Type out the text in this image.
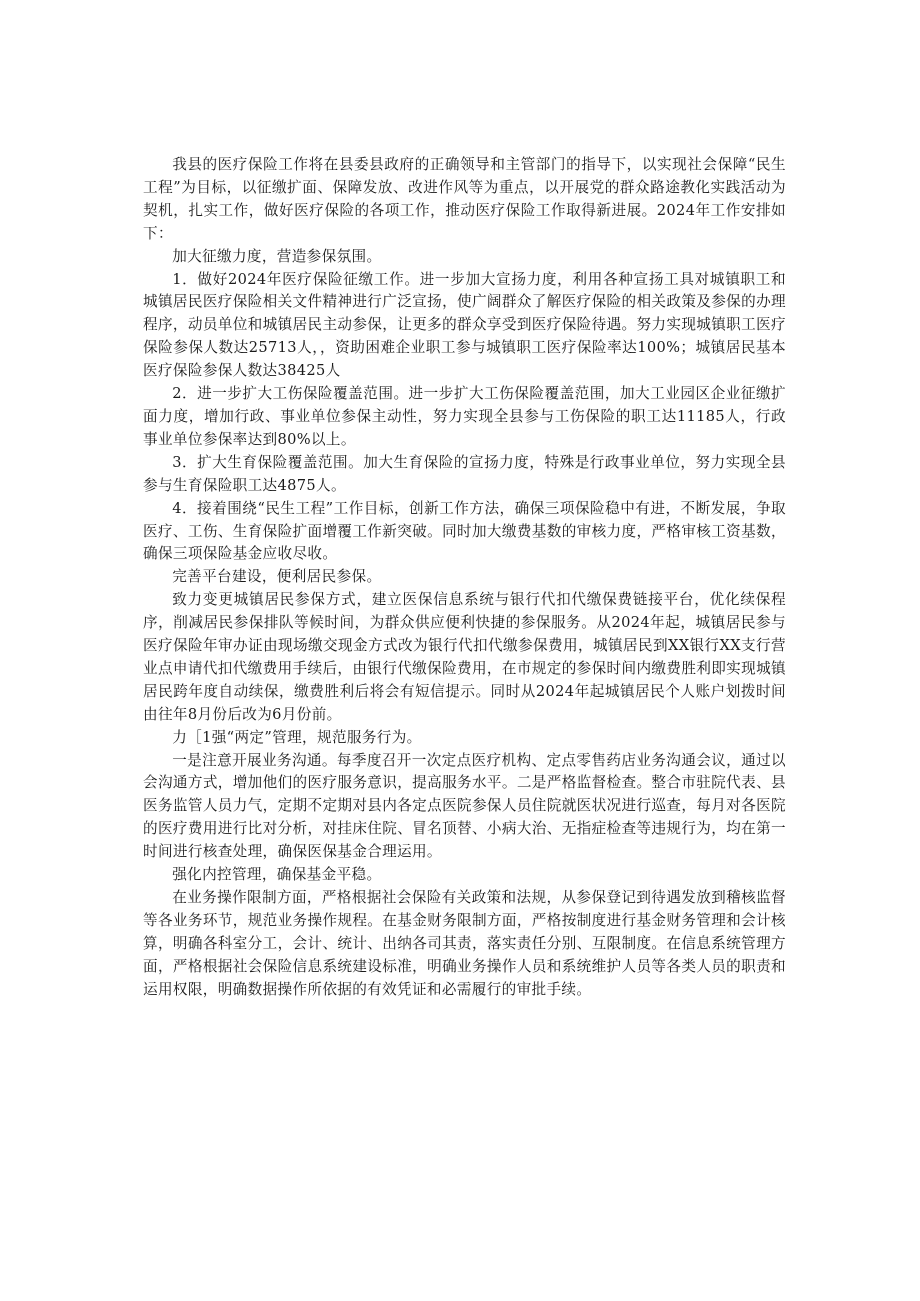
我县的医疗保险工作将在县委县政府的正确领导和主管部门的指导下，以实现社会保障“民生工程”为目标，以征缴扩面、保障发放、改进作风等为重点，以开展党的群众路途教化实践活动为契机，扎实工作，做好医疗保险的各项工作，推动医疗保险工作取得新进展。2024年工作安排如下：

加大征缴力度，营造参保氛围。

1．做好2024年医疗保险征缴工作。进一步加大宣扬力度，利用各种宣扬工具对城镇职工和城镇居民医疗保险相关文件精神进行广泛宣扬，使广阔群众了解医疗保险的相关政策及参保的办理程序，动员单位和城镇居民主动参保，让更多的群众享受到医疗保险待遇。努力实现城镇职工医疗保险参保人数达25713人，，资助困难企业职工参与城镇职工医疗保险率达100%；城镇居民基本医疗保险参保人数达38425人

2．进一步扩大工伤保险覆盖范围。进一步扩大工伤保险覆盖范围，加大工业园区企业征缴扩面力度，增加行政、事业单位参保主动性，努力实现全县参与工伤保险的职工达11185人，行政事业单位参保率达到80%以上。

3．扩大生育保险覆盖范围。加大生育保险的宣扬力度，特殊是行政事业单位，努力实现全县参与生育保险职工达4875人。

4．接着围绕“民生工程”工作目标，创新工作方法，确保三项保险稳中有进，不断发展，争取医疗、工伤、生育保险扩面增覆工作新突破。同时加大缴费基数的审核力度，严格审核工资基数，确保三项保险基金应收尽收。

完善平台建设，便利居民参保。

致力变更城镇居民参保方式，建立医保信息系统与银行代扣代缴保费链接平台，优化续保程序，削减居民参保排队等候时间，为群众供应便利快捷的参保服务。从2024年起，城镇居民参与医疗保险年审办证由现场缴交现金方式改为银行代扣代缴参保费用，城镇居民到XX银行XX支行营业点申请代扣代缴费用手续后，由银行代缴保险费用，在市规定的参保时间内缴费胜利即实现城镇居民跨年度自动续保，缴费胜利后将会有短信提示。同时从2024年起城镇居民个人账户划拨时间由往年8月份后改为6月份前。

力［1强“两定”管理，规范服务行为。

一是注意开展业务沟通。每季度召开一次定点医疗机构、定点零售药店业务沟通会议，通过以会沟通方式，增加他们的医疗服务意识，提高服务水平。二是严格监督检查。整合市驻院代表、县医务监管人员力气，定期不定期对县内各定点医院参保人员住院就医状况进行巡查，每月对各医院的医疗费用进行比对分析，对挂床住院、冒名顶替、小病大治、无指症检查等违规行为，均在第一时间进行核查处理，确保医保基金合理运用。

强化内控管理，确保基金平稳。

在业务操作限制方面，严格根据社会保险有关政策和法规，从参保登记到待遇发放到稽核监督等各业务环节，规范业务操作规程。在基金财务限制方面，严格按制度进行基金财务管理和会计核算，明确各科室分工，会计、统计、出纳各司其责，落实责任分别、互限制度。在信息系统管理方面，严格根据社会保险信息系统建设标准，明确业务操作人员和系统维护人员等各类人员的职责和运用权限，明确数据操作所依据的有效凭证和必需履行的审批手续。
